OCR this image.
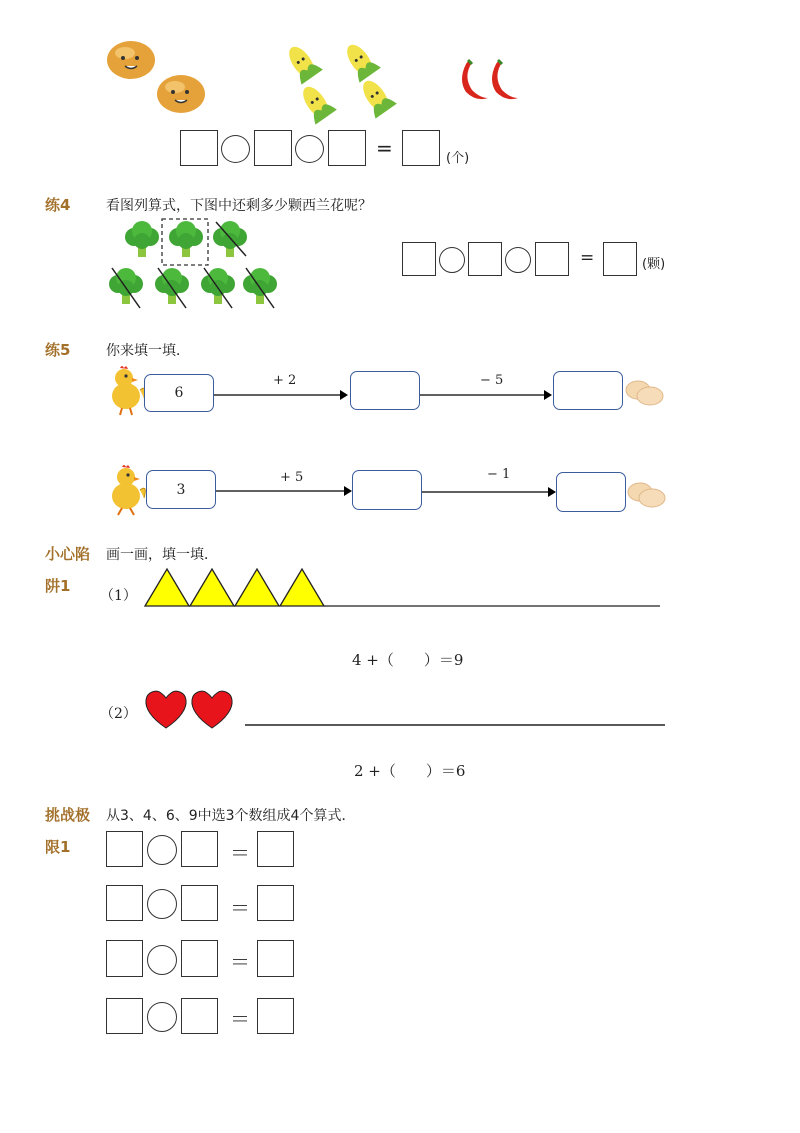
=	(个)
练4	看图列算式，下图中还剩多少颗西兰花呢？
=	(颗)
练5	你来填一填．
6
+ 2	− 5
3
+ 5	− 1
小心陷
阱1
画一画，填一填．
（1）
4 +（　　）＝9
（2）
2 +（　　）＝6
挑战极
限1
从3、4、6、9中选3个数组成4个算式．
＝
＝
＝
＝
